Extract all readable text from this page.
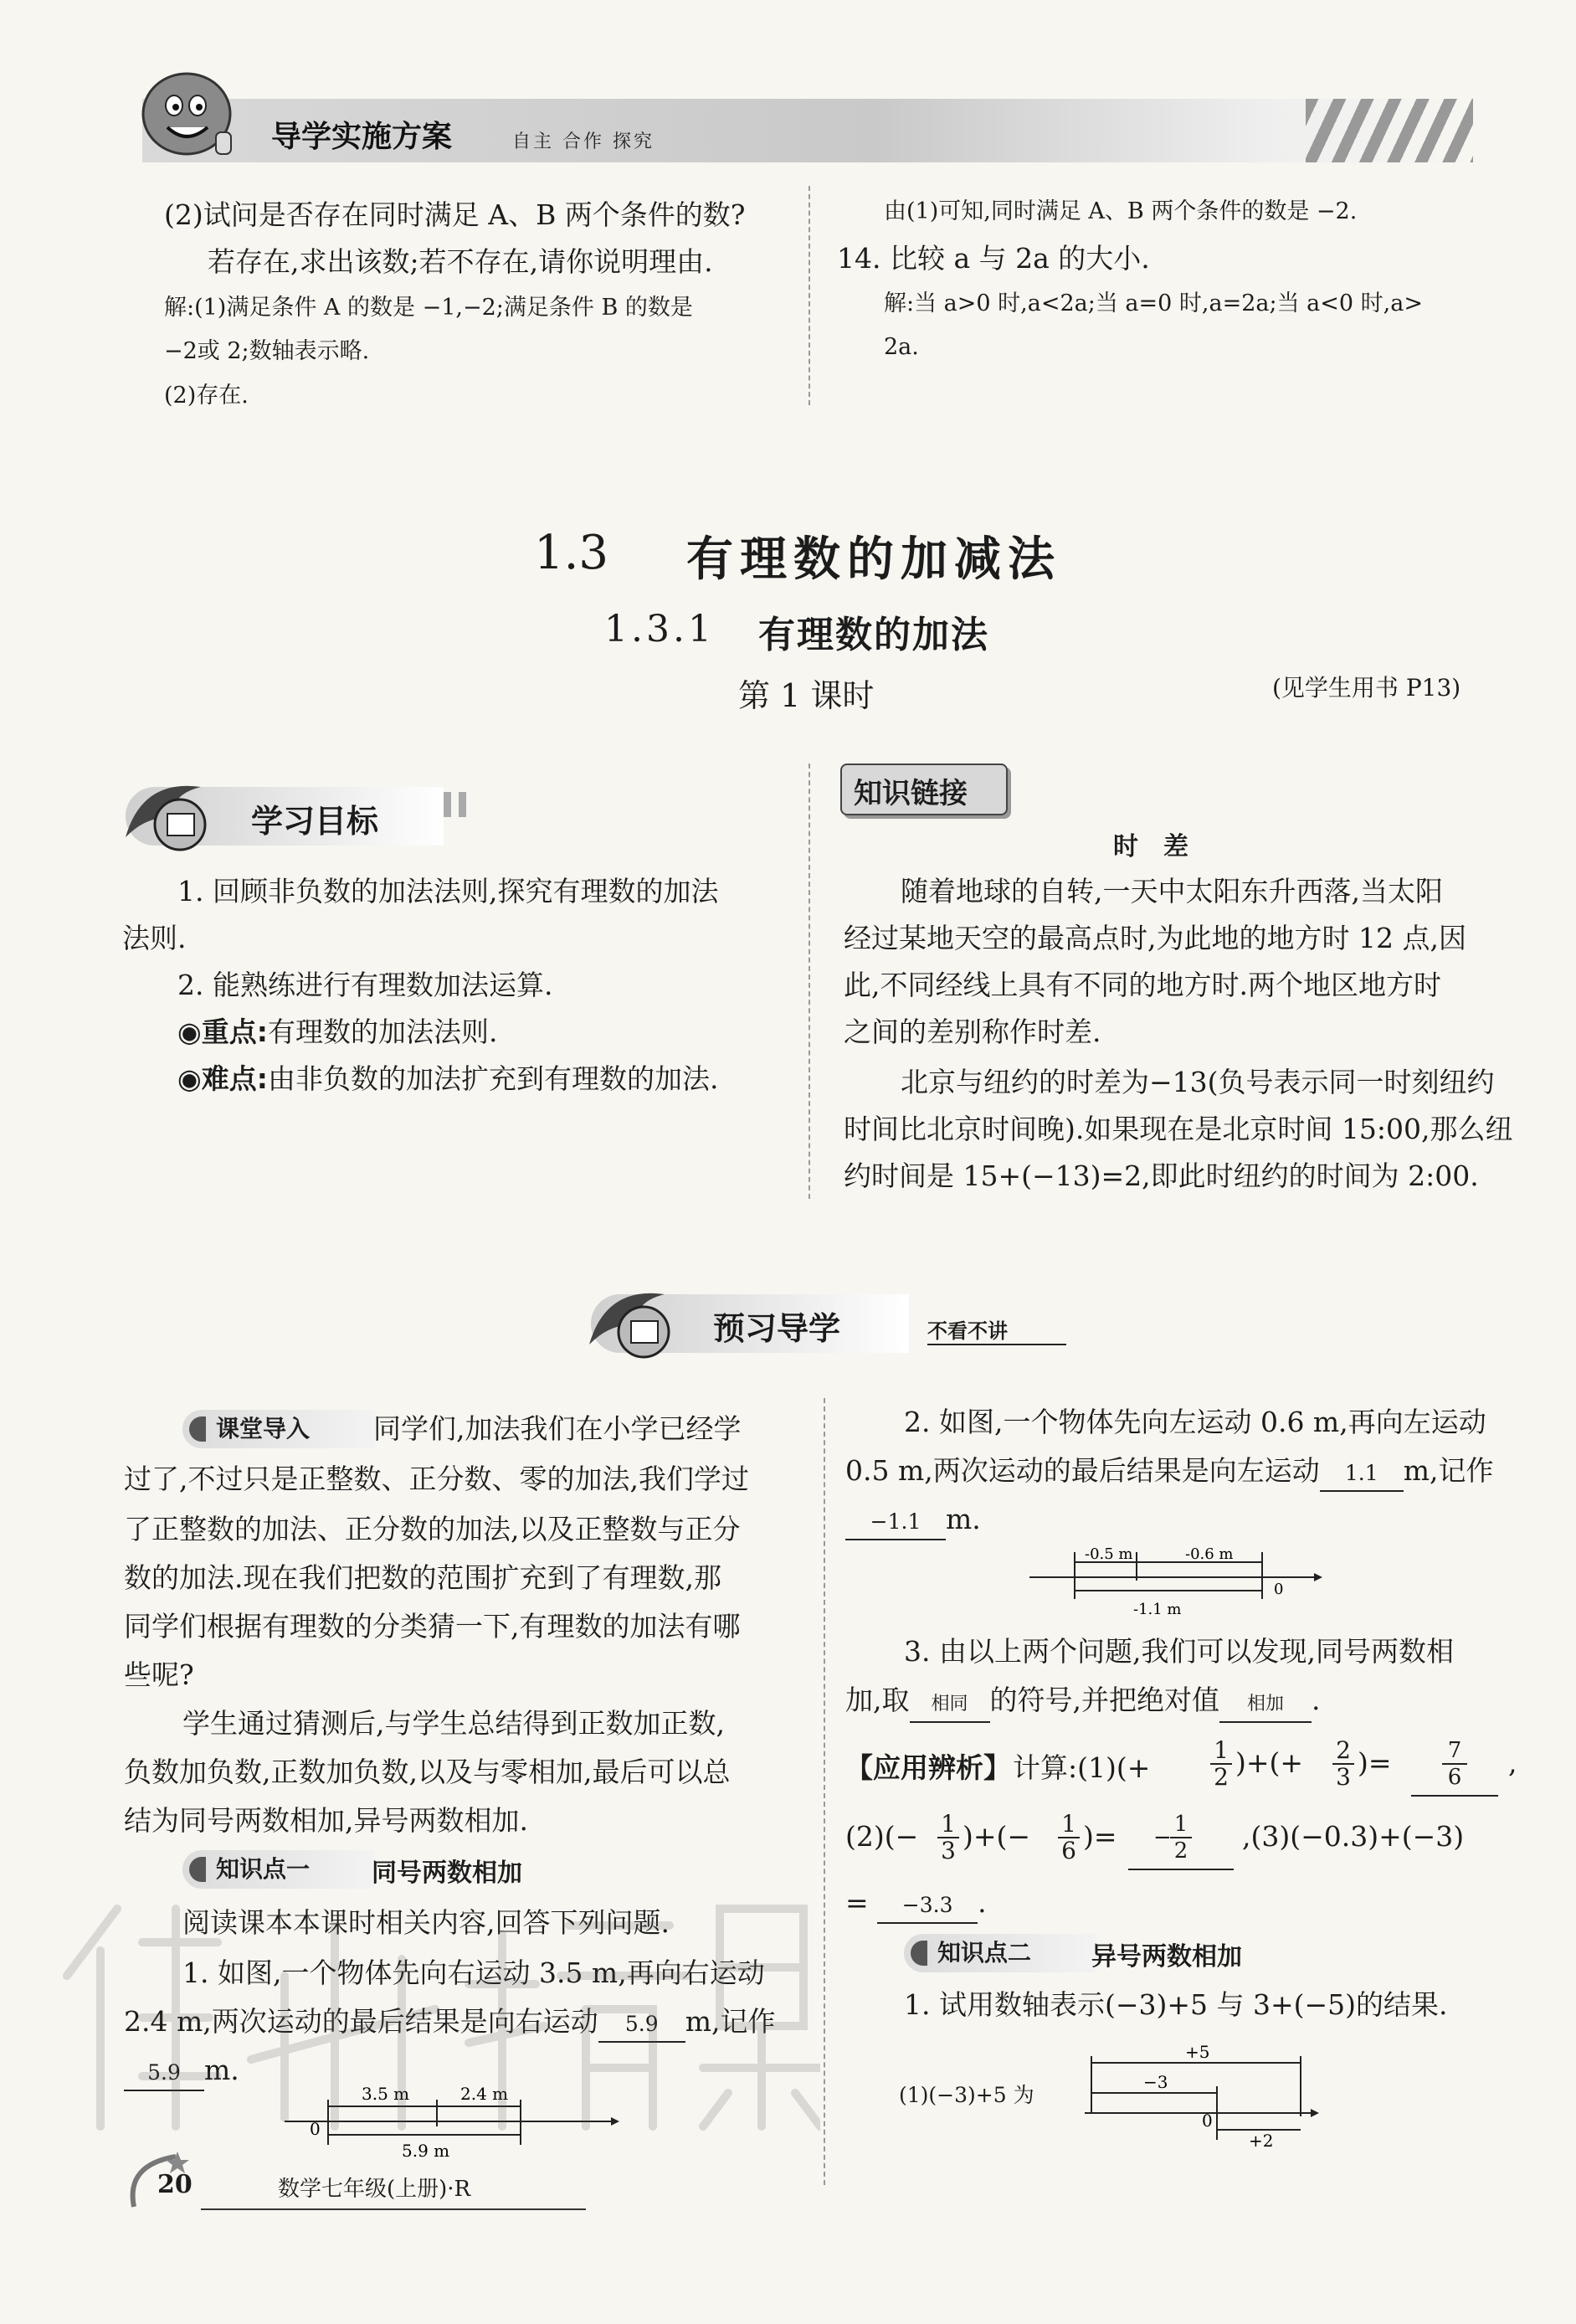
导学实施方案	自主 合作 探究
(2)试问是否存在同时满足 A、B 两个条件的数?
若存在,求出该数;若不存在,请你说明理由.
解:(1)满足条件 A 的数是 −1,−2;满足条件 B 的数是
−2或 2;数轴表示略.
(2)存在.
由(1)可知,同时满足 A、B 两个条件的数是 −2.
14. 比较 a 与 2a 的大小.
解:当 a>0 时,a<2a;当 a=0 时,a=2a;当 a<0 时,a>
2a.
1.3 有理数的加减法
1.3.1 有理数的加法
第 1 课时	(见学生用书 P13)
学习目标
1. 回顾非负数的加法法则,探究有理数的加法
法则.
2. 能熟练进行有理数加法运算.
◉重点:有理数的加法法则.
◉难点:由非负数的加法扩充到有理数的加法.
知识链接
时　差
随着地球的自转,一天中太阳东升西落,当太阳
经过某地天空的最高点时,为此地的地方时 12 点,因
此,不同经线上具有不同的地方时.两个地区地方时
之间的差别称作时差.
北京与纽约的时差为−13(负号表示同一时刻纽约
时间比北京时间晚).如果现在是北京时间 15:00,那么纽
约时间是 15+(−13)=2,即此时纽约的时间为 2:00.
预习导学	不看不讲
课堂导入	同学们,加法我们在小学已经学
过了,不过只是正整数、正分数、零的加法,我们学过
了正整数的加法、正分数的加法,以及正整数与正分
数的加法.现在我们把数的范围扩充到了有理数,那
同学们根据有理数的分类猜一下,有理数的加法有哪
些呢?
学生通过猜测后,与学生总结得到正数加正数,
负数加负数,正数加负数,以及与零相加,最后可以总
结为同号两数相加,异号两数相加.
知识点一	同号两数相加
阅读课本本课时相关内容,回答下列问题.
1. 如图,一个物体先向右运动 3.5 m,再向右运动
2.4 m,两次运动的最后结果是向右运动 5.9 m,记作
5.9 m.
3.5 m	2.4 m
0
5.9 m
2. 如图,一个物体先向左运动 0.6 m,再向左运动
0.5 m,两次运动的最后结果是向左运动 1.1 m,记作
−1.1 m.
-0.5 m	-0.6 m
0
-1.1 m
3. 由以上两个问题,我们可以发现,同号两数相
加,取 相同 的符号,并把绝对值 相加 .
【应用辨析】 计算:(1)(+	$\frac{1}{2}$ )+(+ $\frac{2}{3}$ )= $\frac{7}{6}$ ,
$(2)(- \frac{1}{3}$ )+(− $\frac{1}{6}$ )= −
1
2	,(3)(−0.3)+(−3)
= −3.3 .
知识点二	异号两数相加
1. 试用数轴表示(−3)+5 与 3+(−5)的结果.
(1)(−3)+5 为
+5
−3
0
+2
20	数学七年级(上册)·R
